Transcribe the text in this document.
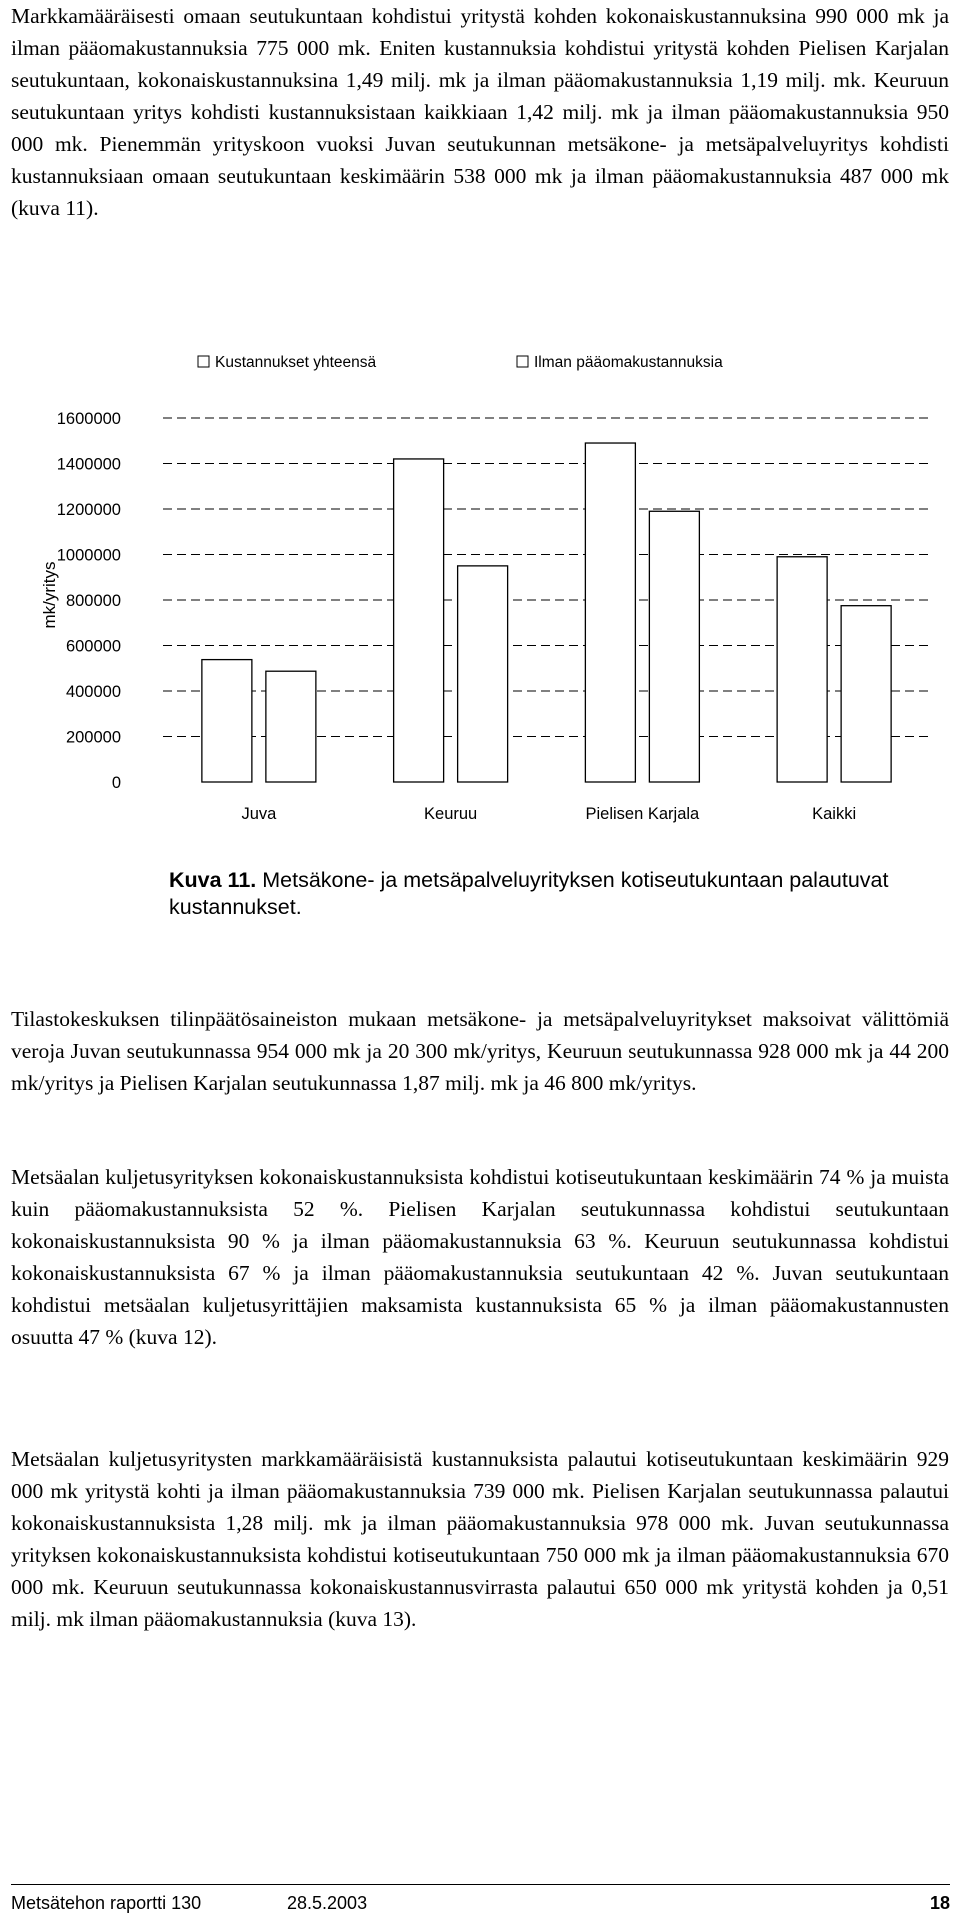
Markkamääräisesti omaan seutukuntaan kohdistui yritystä kohden kokonaiskustannuksina 990 000 mk ja ilman pääomakustannuksia 775 000 mk. Eniten kustannuksia kohdistui yritystä kohden Pielisen Karjalan seutukuntaan, kokonaiskustannuksina 1,49 milj. mk ja ilman pääomakustannuksia 1,19 milj. mk. Keuruun seutukuntaan yritys kohdisti kustannuksistaan kaikkiaan 1,42 milj. mk ja ilman pääomakustannuksia 950 000 mk. Pienemmän yrityskoon vuoksi Juvan seutukunnan metsäkone- ja metsäpalveluyritys kohdisti kustannuksiaan omaan seutukuntaan keskimäärin 538 000 mk ja ilman pääomakustannuksia 487 000 mk (kuva 11).

0
200000
400000
600000
800000
1000000
1200000
1400000
1600000
mk/yritys
Kustannukset yhteensä	Ilman pääomakustannuksia
Juva	Keuruu	Pielisen Karjala	Kaikki
Kuva 11. Metsäkone- ja metsäpalveluyrityksen kotiseutukuntaan palautuvat kustannukset.

Tilastokeskuksen tilinpäätösaineiston mukaan metsäkone- ja metsäpalveluyritykset maksoivat välittömiä veroja Juvan seutukunnassa 954 000 mk ja 20 300 mk/yritys, Keuruun seutukunnassa 928 000 mk ja 44 200 mk/yritys ja Pielisen Karjalan seutukunnassa 1,87 milj. mk ja 46 800 mk/yritys.

Metsäalan kuljetusyrityksen kokonaiskustannuksista kohdistui kotiseutukuntaan keskimäärin 74 % ja muista kuin pääomakustannuksista 52 %. Pielisen Karjalan seutukunnassa kohdistui seutukuntaan kokonaiskustannuksista 90 % ja ilman pääomakustannuksia 63 %. Keuruun seutukunnassa kohdistui kokonaiskustannuksista 67 % ja ilman pääomakustannuksia seutukuntaan 42 %. Juvan seutukuntaan kohdistui metsäalan kuljetusyrittäjien maksamista kustannuksista 65 % ja ilman pääomakustannusten osuutta 47 % (kuva 12).

Metsäalan kuljetusyritysten markkamääräisistä kustannuksista palautui kotiseutukuntaan keskimäärin 929 000 mk yritystä kohti ja ilman pääomakustannuksia 739 000 mk. Pielisen Karjalan seutukunnassa palautui kokonaiskustannuksista 1,28 milj. mk ja ilman pääomakustannuksia 978 000 mk. Juvan seutukunnassa yrityksen kokonaiskustannuksista kohdistui kotiseutukuntaan 750 000 mk ja ilman pääomakustannuksia 670 000 mk. Keuruun seutukunnassa kokonaiskustannusvirrasta palautui 650 000 mk yritystä kohden ja 0,51 milj. mk ilman pääomakustannuksia (kuva 13).

Metsätehon raportti 130	28.5.2003	18
